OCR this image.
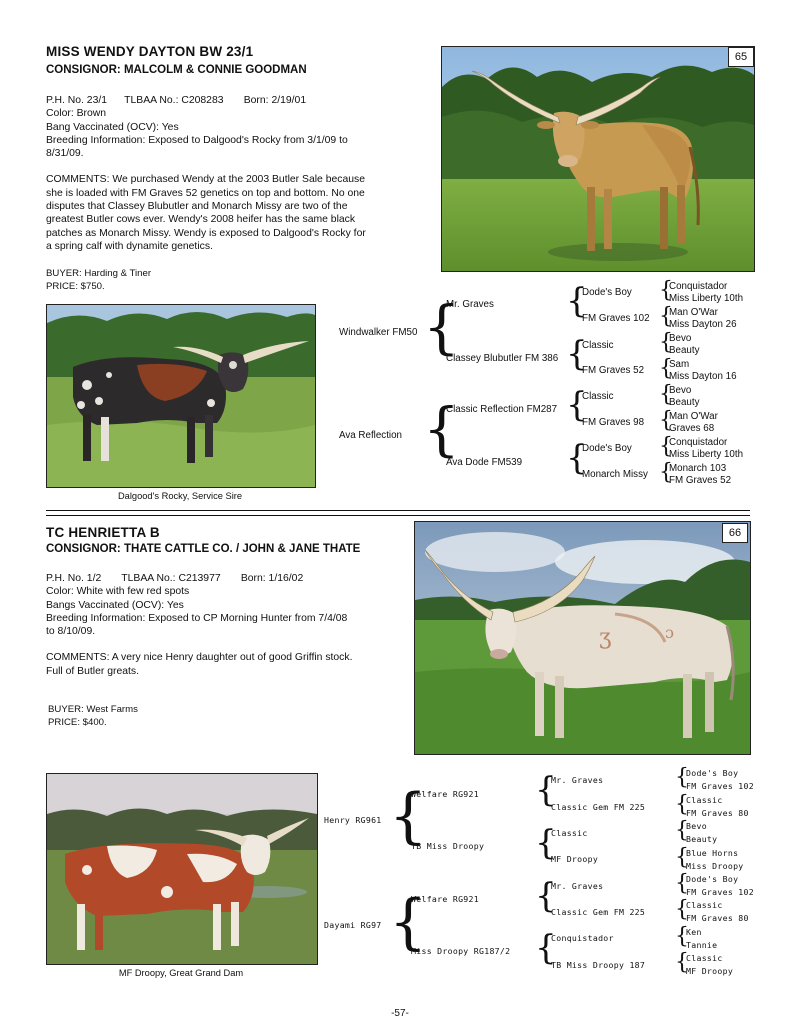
MISS WENDY DAYTON BW 23/1
CONSIGNOR: MALCOLM & CONNIE GOODMAN
P.H. No. 23/1      TLBAA No.: C208283       Born: 2/19/01
Color: Brown
Bang Vaccinated (OCV): Yes
Breeding Information: Exposed to Dalgood's Rocky from 3/1/09 to
8/31/09.
COMMENTS: We purchased Wendy at the 2003 Butler Sale because
she is loaded with FM Graves 52 genetics on top and bottom. No one
disputes that Classey Blubutler and Monarch Missy are two of the
greatest Butler cows ever. Wendy's 2008 heifer has the same black
patches as Monarch Missy. Wendy is exposed to Dalgood's Rocky for
a spring calf with dynamite genetics.
BUYER: Harding & Tiner
PRICE: $750.
65
Dalgood's Rocky, Service Sire
Windwalker FM50
Ava Reflection
{
{
Mr. Graves
Classey Blubutler FM 386
Classic Reflection FM287
Ava Dode FM539
{
{
{
{
Dode's Boy
FM Graves 102
Classic
FM Graves 52
Classic
FM Graves 98
Dode's Boy
Monarch Missy
{
{
{
{
{
{
{
{
Conquistador
Miss Liberty 10th
Man O'War
Miss Dayton 26
Bevo
Beauty
Sam
Miss Dayton 16
Bevo
Beauty
Man O'War
Graves 68
Conquistador
Miss Liberty 10th
Monarch 103
FM Graves 52
TC HENRIETTA B
CONSIGNOR: THATE CATTLE CO. / JOHN & JANE THATE
P.H. No. 1/2       TLBAA No.: C213977       Born: 1/16/02
Color: White with few red spots
Bangs Vaccinated (OCV): Yes
Breeding Information: Exposed to CP Morning Hunter from 7/4/08
to 8/10/09.
COMMENTS: A very nice Henry daughter out of good Griffin stock.
Full of Butler greats.
BUYER: West Farms
PRICE: $400.
ʒ	ɔ
66
MF Droopy, Great Grand Dam
Henry RG961
Dayami RG97
{
{
Welfare RG921
TB Miss Droopy
Welfare RG921
Miss Droopy RG187/2
{
{
{
{
Mr. Graves
Classic Gem FM 225
Classic
MF Droopy
Mr. Graves
Classic Gem FM 225
Conquistador
TB Miss Droopy 187
{
{
{
{
{
{
{
{
Dode's Boy
FM Graves 102
Classic
FM Graves 80
Bevo
Beauty
Blue Horns
Miss Droopy
Dode's Boy
FM Graves 102
Classic
FM Graves 80
Ken
Tannie
Classic
MF Droopy
-57-
